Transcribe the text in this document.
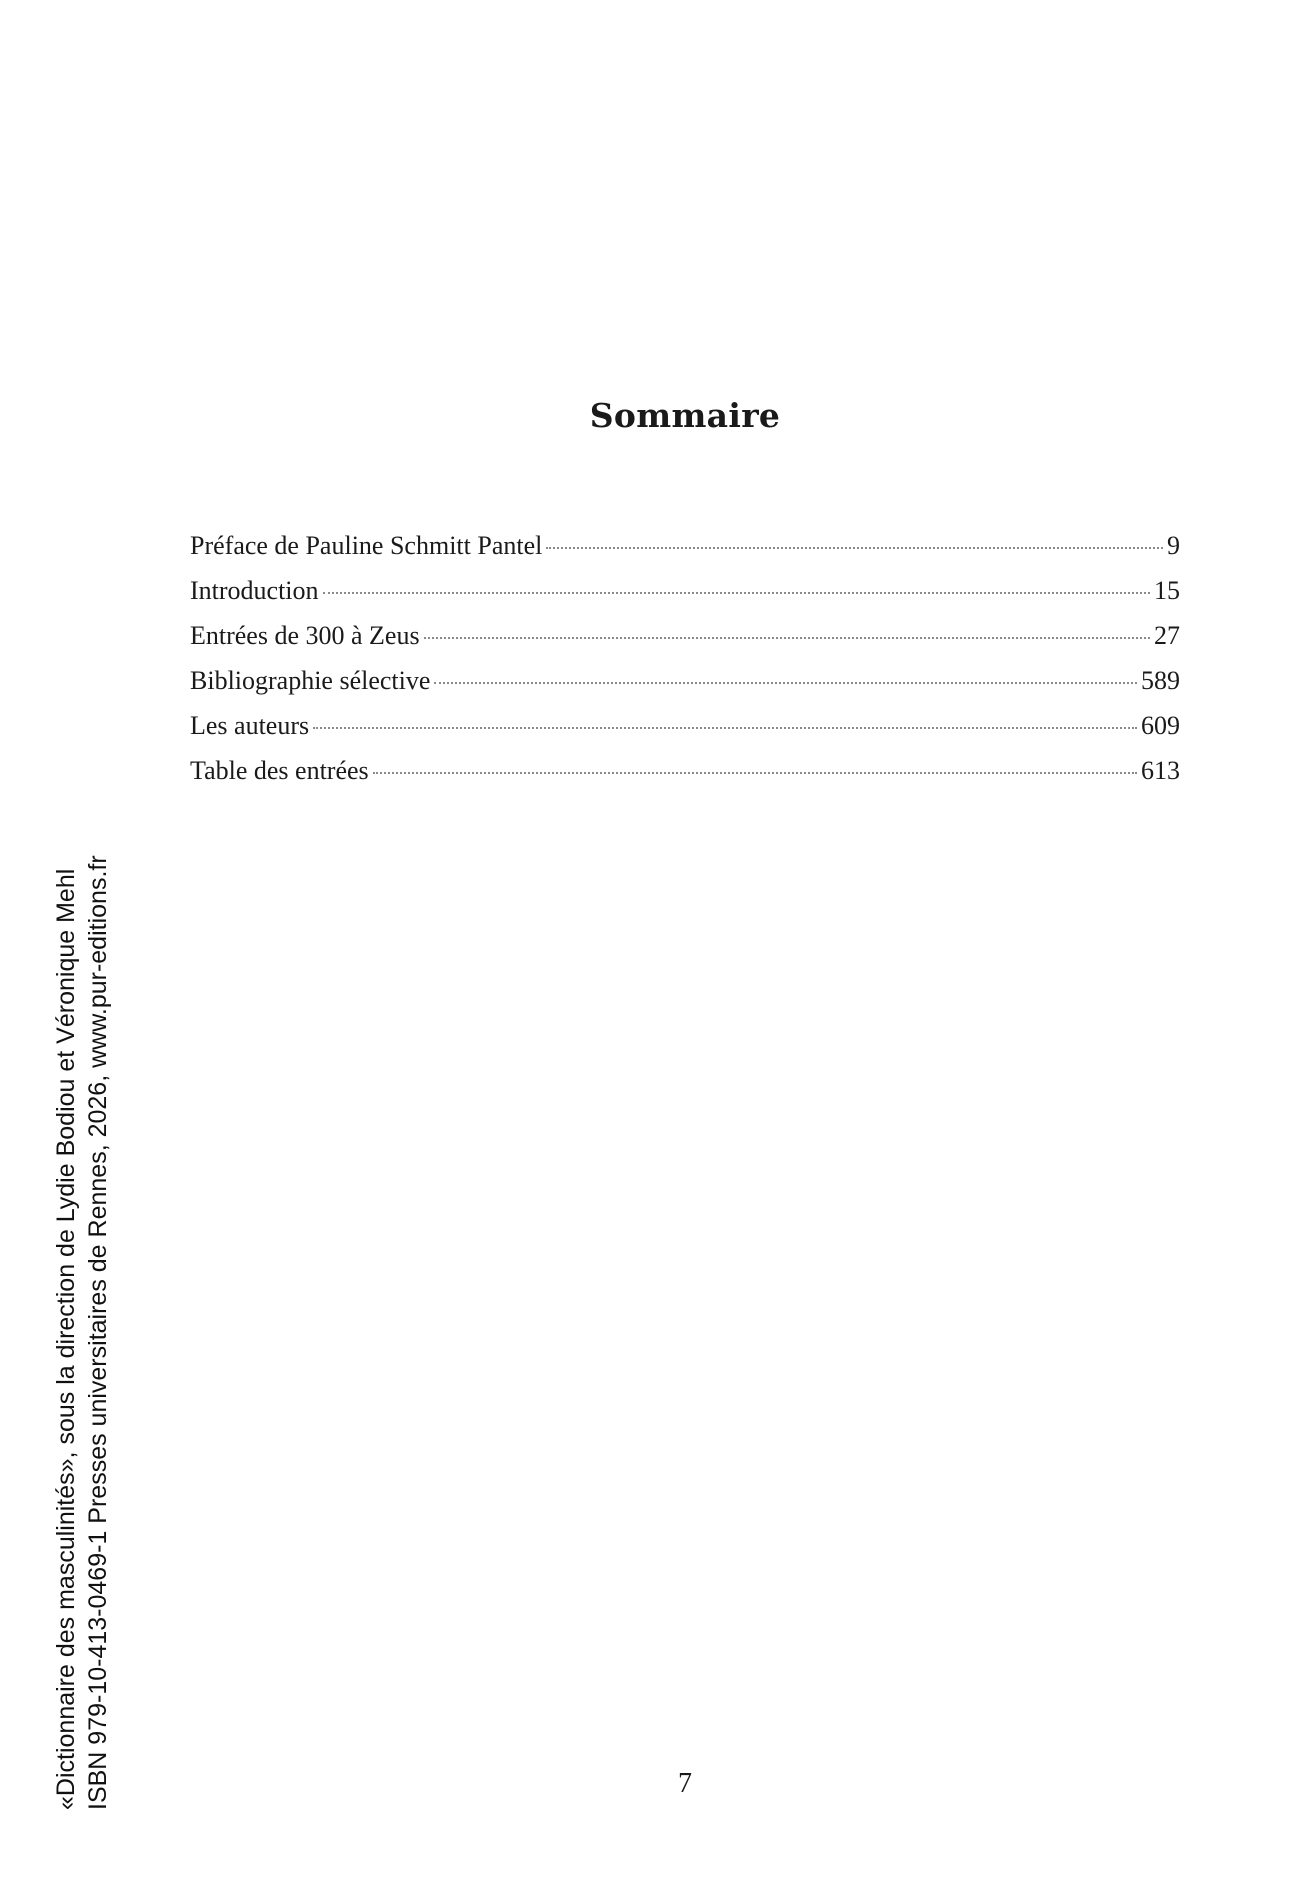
Sommaire
Préface de Pauline Schmitt Pantel	9
Introduction	15
Entrées de 300 à Zeus	27
Bibliographie sélective	589
Les auteurs	609
Table des entrées	613
«Dictionnaire des masculinités», sous la direction de Lydie Bodiou et Véronique Mehl ISBN 979-10-413-0469-1 Presses universitaires de Rennes, 2026, www.pur-editions.fr	7
